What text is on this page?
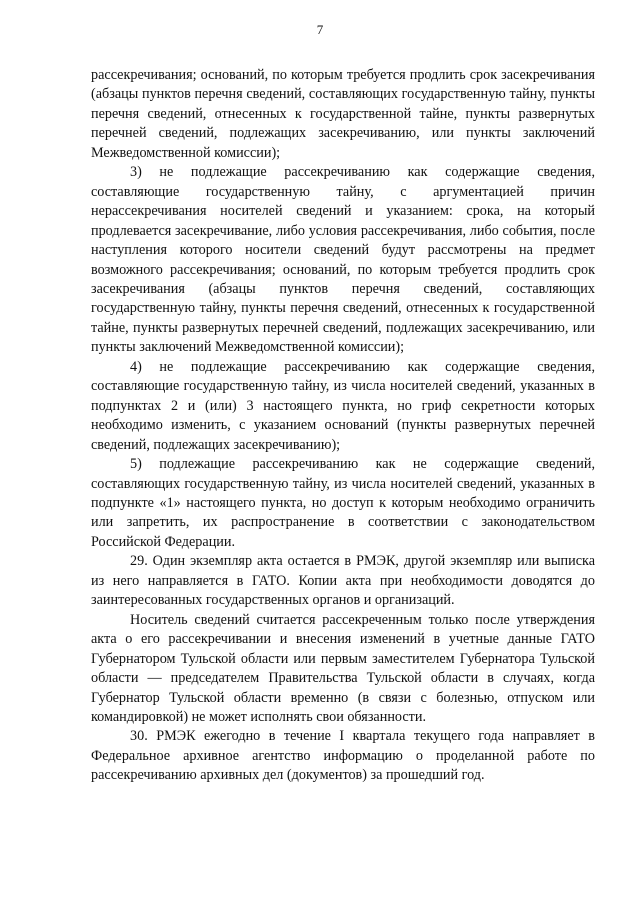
7

рассекречивания; оснований, по которым требуется продлить срок засекречивания (абзацы пунктов перечня сведений, составляющих государственную тайну, пункты перечня сведений, отнесенных к государственной тайне, пункты развернутых перечней сведений, подлежащих засекречиванию, или пункты заключений Межведомственной комиссии);

3) не подлежащие рассекречиванию как содержащие сведения, составляющие государственную тайну, с аргументацией причин нерассекречивания носителей сведений и указанием: срока, на который продлевается засекречивание, либо условия рассекречивания, либо события, после наступления которого носители сведений будут рассмотрены на предмет возможного рассекречивания; оснований, по которым требуется продлить срок засекречивания (абзацы пунктов перечня сведений, составляющих государственную тайну, пункты перечня сведений, отнесенных к государственной тайне, пункты развернутых перечней сведений, подлежащих засекречиванию, или пункты заключений Межведомственной комиссии);

4) не подлежащие рассекречиванию как содержащие сведения, составляющие государственную тайну, из числа носителей сведений, указанных в подпунктах 2 и (или) 3 настоящего пункта, но гриф секретности которых необходимо изменить, с указанием оснований (пункты развернутых перечней сведений, подлежащих засекречиванию);

5) подлежащие рассекречиванию как не содержащие сведений, составляющих государственную тайну, из числа носителей сведений, указанных в подпункте «1» настоящего пункта, но доступ к которым необходимо ограничить или запретить, их распространение в соответствии с законодательством Российской Федерации.

29. Один экземпляр акта остается в РМЭК, другой экземпляр или выписка из него направляется в ГАТО. Копии акта при необходимости доводятся до заинтересованных государственных органов и организаций.

Носитель сведений считается рассекреченным только после утверждения акта о его рассекречивании и внесения изменений в учетные данные ГАТО Губернатором Тульской области или первым заместителем Губернатора Тульской области — председателем Правительства Тульской области в случаях, когда Губернатор Тульской области временно (в связи с болезнью, отпуском или командировкой) не может исполнять свои обязанности.

30. РМЭК ежегодно в течение I квартала текущего года направляет в Федеральное архивное агентство информацию о проделанной работе по рассекречиванию архивных дел (документов) за прошедший год.
